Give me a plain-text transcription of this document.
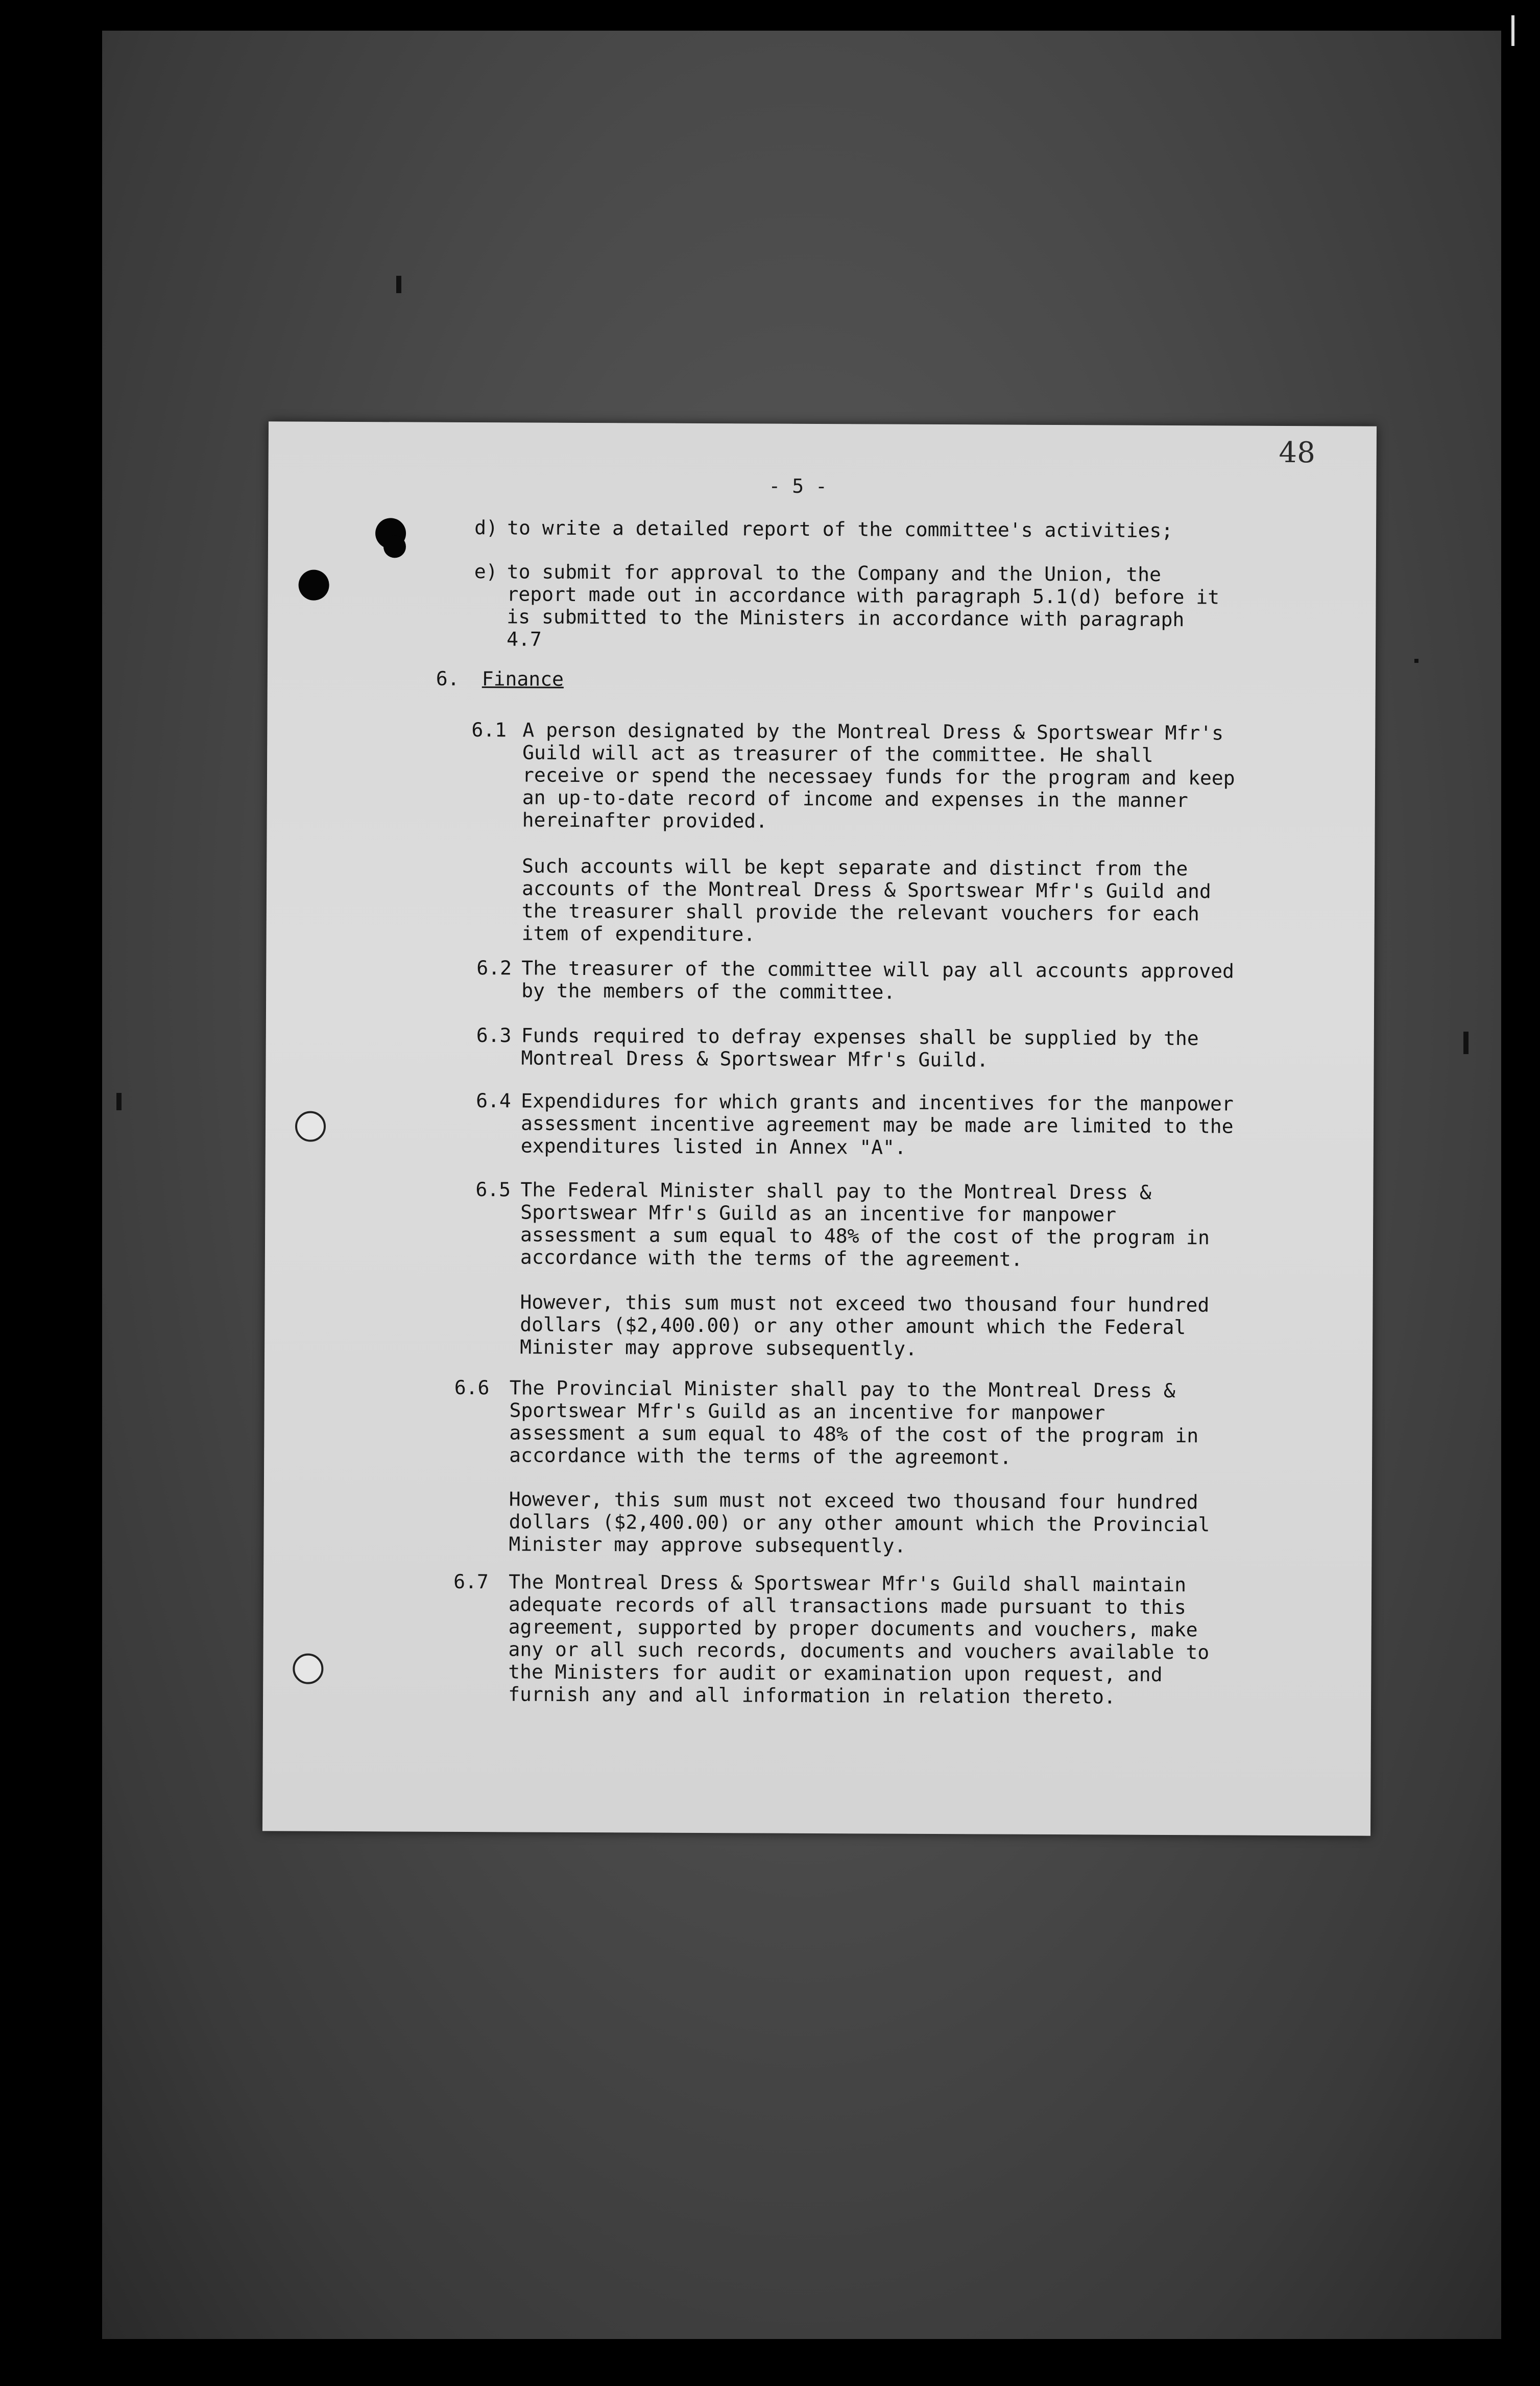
48
- 5 -
d) to write a detailed report of the committee's activities;
e) to submit for approval to the Company and the Union, the report made out in accordance with paragraph 5.1(d) before it is submitted to the Ministers in accordance with paragraph 4.7
6. Finance
6.1 A person designated by the Montreal Dress & Sportswear Mfr's Guild will act as treasurer of the committee. He shall receive or spend the necessaey funds for the program and keep an up-to-date record of income and expenses in the manner hereinafter provided.
Such accounts will be kept separate and distinct from the accounts of the Montreal Dress & Sportswear Mfr's Guild and the treasurer shall provide the relevant vouchers for each item of expenditure.
6.2 The treasurer of the committee will pay all accounts approved by the members of the committee.
6.3 Funds required to defray expenses shall be supplied by the Montreal Dress & Sportswear Mfr's Guild.
6.4 Expendidures for which grants and incentives for the manpower assessment incentive agreement may be made are limited to the expenditures listed in Annex "A".
6.5 The Federal Minister shall pay to the Montreal Dress & Sportswear Mfr's Guild as an incentive for manpower assessment a sum equal to 48% of the cost of the program in accordance with the terms of the agreement.
However, this sum must not exceed two thousand four hundred dollars ($2,400.00) or any other amount which the Federal Minister may approve subsequently.
6.6 The Provincial Minister shall pay to the Montreal Dress & Sportswear Mfr's Guild as an incentive for manpower assessment a sum equal to 48% of the cost of the program in accordance with the terms of the agreemont.
However, this sum must not exceed two thousand four hundred dollars ($2,400.00) or any other amount which the Provincial Minister may approve subsequently.
6.7 The Montreal Dress & Sportswear Mfr's Guild shall maintain adequate records of all transactions made pursuant to this agreement, supported by proper documents and vouchers, make any or all such records, documents and vouchers available to the Ministers for audit or examination upon request, and furnish any and all information in relation thereto.
